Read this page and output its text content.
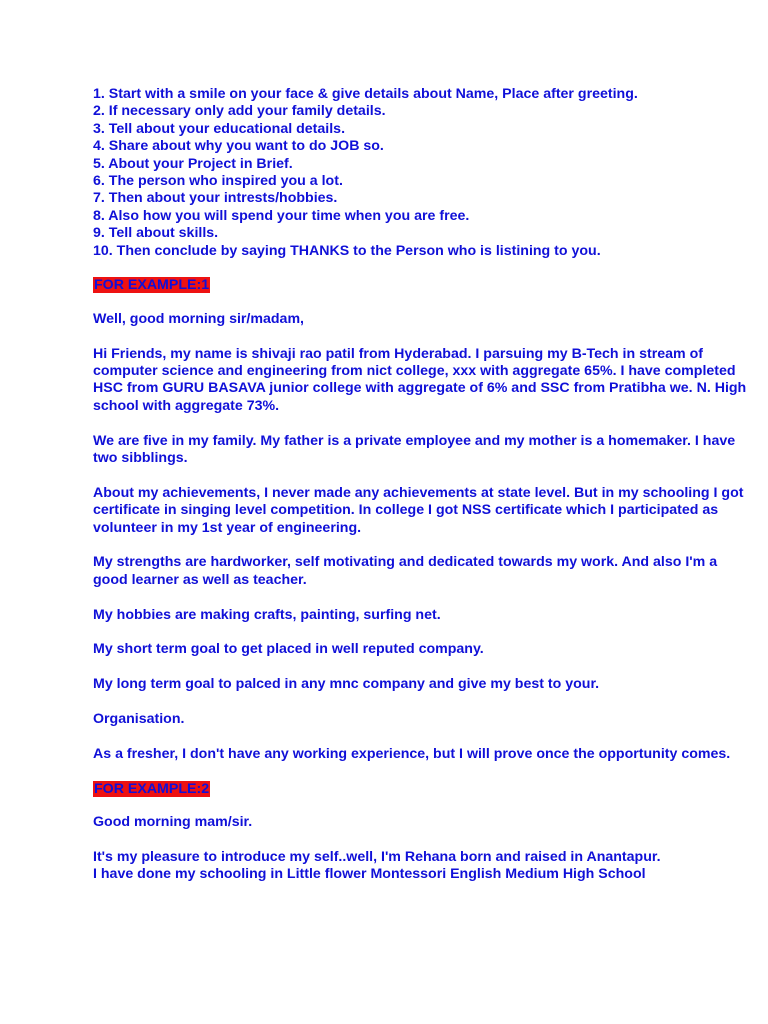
1. Start with a smile on your face & give details about Name, Place after greeting.
2. If necessary only add your family details.
3. Tell about your educational details.
4. Share about why you want to do JOB so.
5. About your Project in Brief.
6. The person who inspired you a lot.
7. Then about your intrests/hobbies.
8. Also how you will spend your time when you are free.
9. Tell about skills.
10. Then conclude by saying THANKS to the Person who is listining to you.
FOR EXAMPLE:1

Well, good morning sir/madam,

Hi Friends, my name is shivaji rao patil from Hyderabad. I parsuing my B-Tech in stream of computer science and engineering from nict college, xxx with aggregate 65%. I have completed HSC from GURU BASAVA junior college with aggregate of 6% and SSC from Pratibha we. N. High school with aggregate 73%.

We are five in my family. My father is a private employee and my mother is a homemaker. I have two sibblings.

About my achievements, I never made any achievements at state level. But in my schooling I got certificate in singing level competition. In college I got NSS certificate which I participated as volunteer in my 1st year of engineering.

My strengths are hardworker, self motivating and dedicated towards my work. And also I'm a good learner as well as teacher.

My hobbies are making crafts, painting, surfing net.

My short term goal to get placed in well reputed company.

My long term goal to palced in any mnc company and give my best to your.

Organisation.

As a fresher, I don't have any working experience, but I will prove once the opportunity comes.

FOR EXAMPLE:2

Good morning mam/sir.

It's my pleasure to introduce my self..well, I'm Rehana born and raised in Anantapur.

I have done my schooling in Little flower Montessori English Medium High School
